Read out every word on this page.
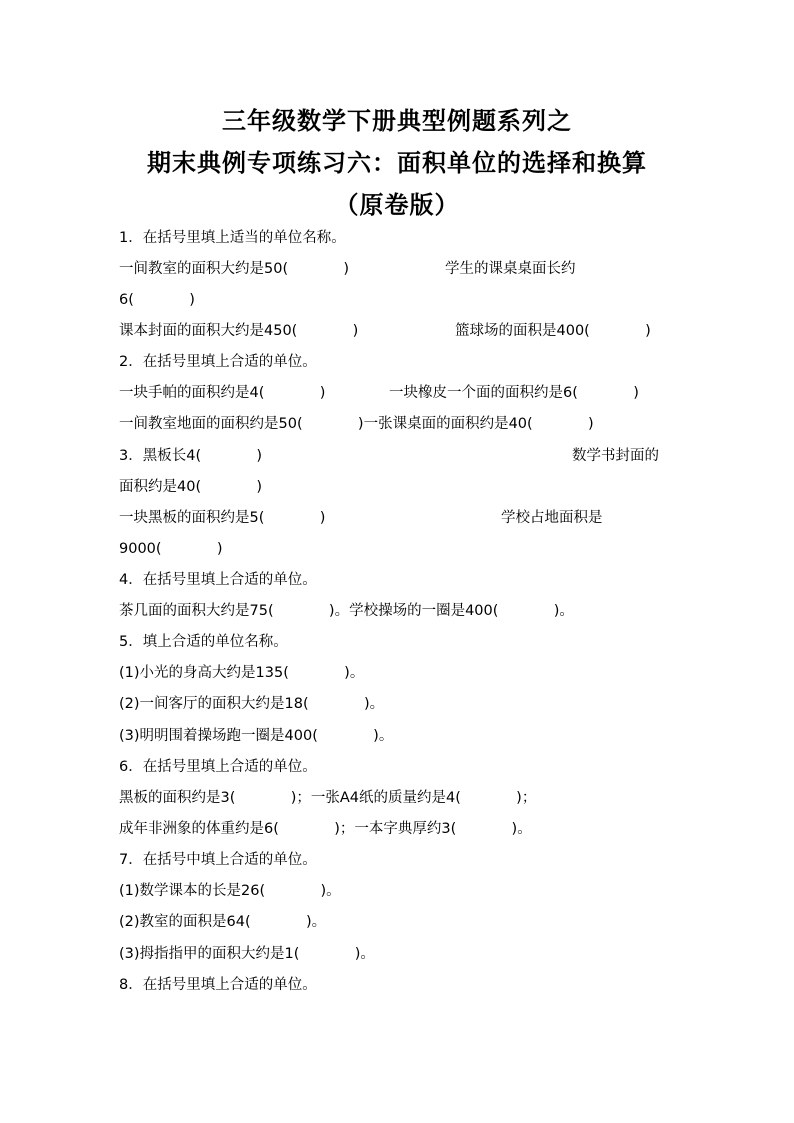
三年级数学下册典型例题系列之
期末典例专项练习六：面积单位的选择和换算
（原卷版）
1．在括号里填上适当的单位名称。
一间教室的面积大约是50(            )	学生的课桌桌面长约
6(            )
课本封面的面积大约是450(            )	篮球场的面积是400(            )
2．在括号里填上合适的单位。
一块手帕的面积约是4(            )	一块橡皮一个面的面积约是6(            )
一间教室地面的面积约是50(            )一张课桌面的面积约是40(            )
3．黑板长4(            )	数学书封面的
面积约是40(            )
一块黑板的面积约是5(            )	学校占地面积是
9000(            )
4．在括号里填上合适的单位。
茶几面的面积大约是75(            )。学校操场的一圈是400(            )。
5．填上合适的单位名称。
(1)小光的身高大约是135(            )。
(2)一间客厅的面积大约是18(            )。
(3)明明围着操场跑一圈是400(            )。
6．在括号里填上合适的单位。
黑板的面积约是3(            )；一张A4纸的质量约是4(            )；
成年非洲象的体重约是6(            )；一本字典厚约3(            )。
7．在括号中填上合适的单位。
(1)数学课本的长是26(            )。
(2)教室的面积是64(            )。
(3)拇指指甲的面积大约是1(            )。
8．在括号里填上合适的单位。
